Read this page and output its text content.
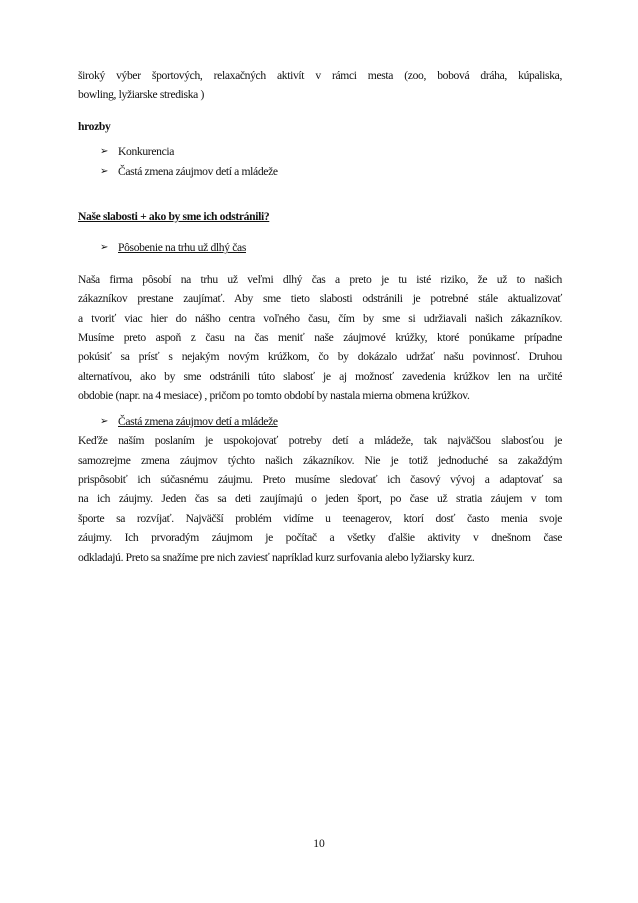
široký výber športových, relaxačných aktivít v rámci mesta (zoo, bobová dráha, kúpaliska,

bowling, lyžiarske strediska )

hrozby

➢ Konkurencia
➢ Častá zmena záujmov detí a mládeže

Naše slabosti + ako by sme ich odstránili?

➢ Pôsobenie na trhu už dlhý čas

Naša firma pôsobí na trhu už veľmi dlhý čas a preto je tu isté riziko, že už to našich

zákazníkov prestane zaujímať. Aby sme tieto slabosti odstránili je potrebné stále aktualizovať

a tvoriť viac hier do nášho centra voľného času, čím by sme si udržiavali našich zákazníkov.

Musíme preto aspoň z času na čas meniť naše záujmové krúžky, ktoré ponúkame prípadne

pokúsiť sa prísť s nejakým novým krúžkom, čo by dokázalo udržať našu povinnosť. Druhou

alternatívou, ako by sme odstránili túto slabosť je aj možnosť zavedenia krúžkov len na určité

obdobie (napr. na 4 mesiace) , pričom po tomto období by nastala mierna obmena krúžkov.

➢ Častá zmena záujmov detí a mládeže

Keďže naším poslaním je uspokojovať potreby detí a mládeže, tak najväčšou slabosťou je

samozrejme zmena záujmov týchto našich zákazníkov. Nie je totiž jednoduché sa zakaždým

prispôsobiť ich súčasnému záujmu. Preto musíme sledovať ich časový vývoj a adaptovať sa

na ich záujmy. Jeden čas sa deti zaujímajú o jeden šport, po čase už stratia záujem v tom

športe sa rozvíjať. Najväčší problém vidíme u teenagerov, ktorí dosť často menia svoje

záujmy. Ich prvoradým záujmom je počítač a všetky ďalšie aktivity v dnešnom čase

odkladajú. Preto sa snažíme pre nich zaviesť napríklad kurz surfovania alebo lyžiarsky kurz.

10
